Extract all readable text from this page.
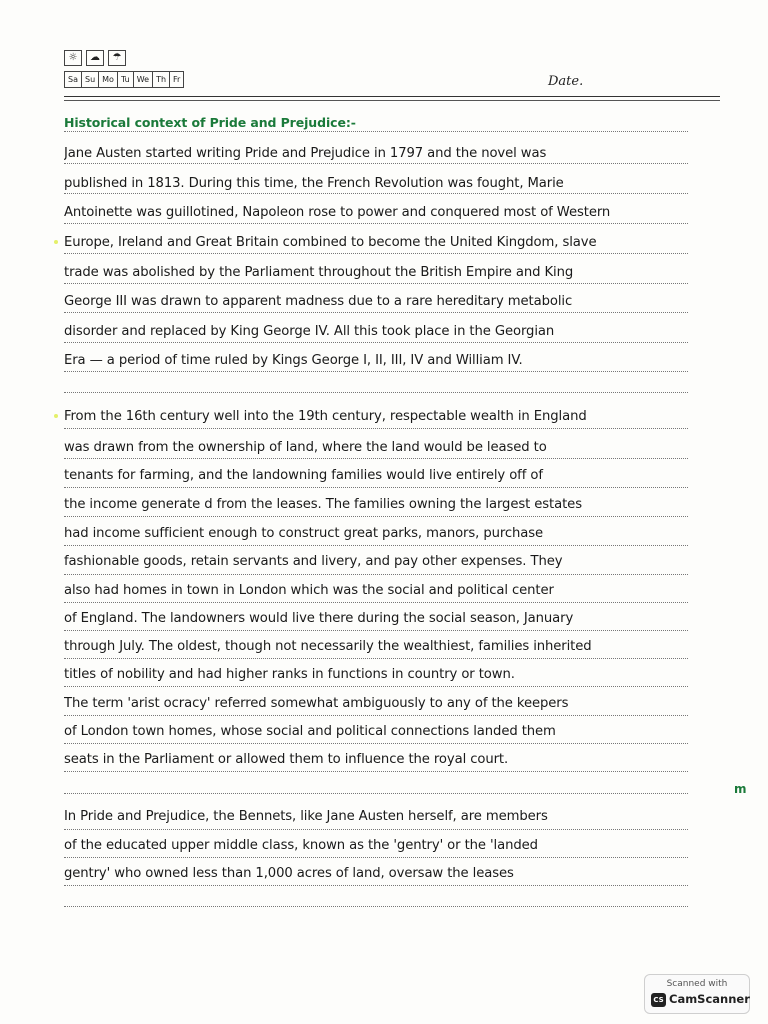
☼	☁	☂
Sa Su Mo Tu We Th Fr	Date.
Historical context of Pride and Prejudice:-
Jane Austen started writing Pride and Prejudice in 1797 and the novel was
published in 1813. During this time, the French Revolution was fought, Marie
Antoinette was guillotined, Napoleon rose to power and conquered most of Western
Europe, Ireland and Great Britain combined to become the United Kingdom, slave
trade was abolished by the Parliament throughout the British Empire and King
George III was drawn to apparent madness due to a rare hereditary metabolic
disorder and replaced by King George IV. All this took place in the Georgian
Era — a period of time ruled by Kings George I, II, III, IV and William IV.
From the 16th century well into the 19th century, respectable wealth in England
was drawn from the ownership of land, where the land would be leased to
tenants for farming, and the landowning families would live entirely off of
the income generate d from the leases. The families owning the largest estates
had income sufficient enough to construct great parks, manors, purchase
fashionable goods, retain servants and livery, and pay other expenses. They
also had homes in town in London which was the social and political center
of England. The landowners would live there during the social season, January
through July. The oldest, though not necessarily the wealthiest, families inherited
titles of nobility and had higher ranks in functions in country or town.
The term 'arist ocracy' referred somewhat ambiguously to any of the keepers
of London town homes, whose social and political connections landed them
seats in the Parliament or allowed them to influence the royal court.
m
In Pride and Prejudice, the Bennets, like Jane Austen herself, are members
of the educated upper middle class, known as the 'gentry' or the 'landed
gentry' who owned less than 1,000 acres of land, oversaw the leases
Scanned with
CS CamScanner
